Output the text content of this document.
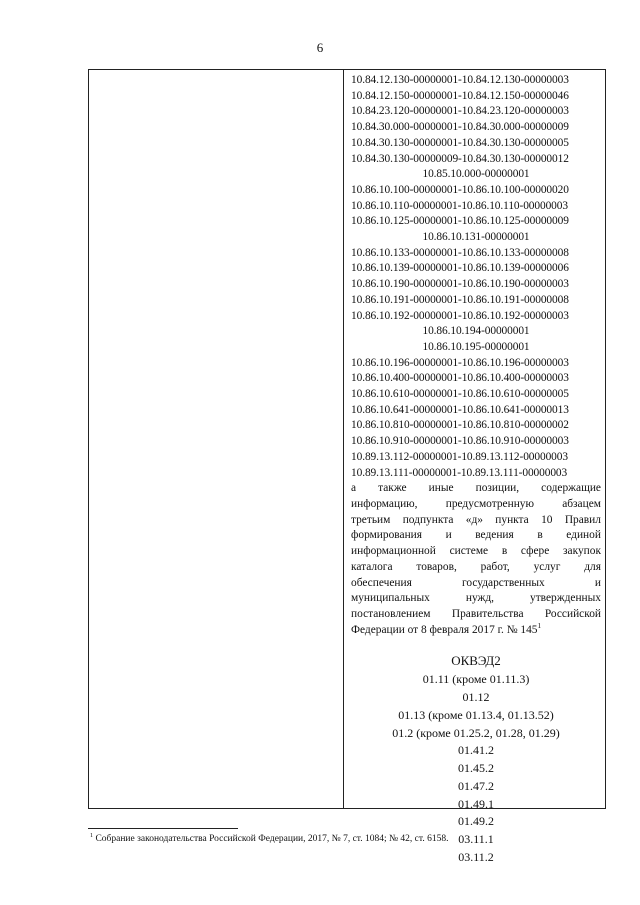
6
10.84.12.130-00000001-10.84.12.130-00000003
10.84.12.150-00000001-10.84.12.150-00000046
10.84.23.120-00000001-10.84.23.120-00000003
10.84.30.000-00000001-10.84.30.000-00000009
10.84.30.130-00000001-10.84.30.130-00000005
10.84.30.130-00000009-10.84.30.130-00000012
10.85.10.000-00000001
10.86.10.100-00000001-10.86.10.100-00000020
10.86.10.110-00000001-10.86.10.110-00000003
10.86.10.125-00000001-10.86.10.125-00000009
10.86.10.131-00000001
10.86.10.133-00000001-10.86.10.133-00000008
10.86.10.139-00000001-10.86.10.139-00000006
10.86.10.190-00000001-10.86.10.190-00000003
10.86.10.191-00000001-10.86.10.191-00000008
10.86.10.192-00000001-10.86.10.192-00000003
10.86.10.194-00000001
10.86.10.195-00000001
10.86.10.196-00000001-10.86.10.196-00000003
10.86.10.400-00000001-10.86.10.400-00000003
10.86.10.610-00000001-10.86.10.610-00000005
10.86.10.641-00000001-10.86.10.641-00000013
10.86.10.810-00000001-10.86.10.810-00000002
10.86.10.910-00000001-10.86.10.910-00000003
10.89.13.112-00000001-10.89.13.112-00000003
10.89.13.111-00000001-10.89.13.111-00000003
а также иные позиции, содержащие
информацию, предусмотренную абзацем
третьим подпункта «д» пункта 10 Правил
формирования и ведения в единой
информационной системе в сфере закупок
каталога товаров, работ, услуг для
обеспечения	государственных	и
муниципальных	нужд,	утвержденных
постановлением Правительства Российской
Федерации от 8 февраля 2017 г. № $145^1$
ОКВЭД2
01.11 (кроме 01.11.3)
01.12
01.13 (кроме 01.13.4, 01.13.52)
01.2 (кроме 01.25.2, 01.28, 01.29)
01.41.2
01.45.2
01.47.2
01.49.1
01.49.2
03.11.1
03.11.2
$^1$ Собрание законодательства Российской Федерации, 2017, № 7, ст. 1084; № 42, ст. 6158.
